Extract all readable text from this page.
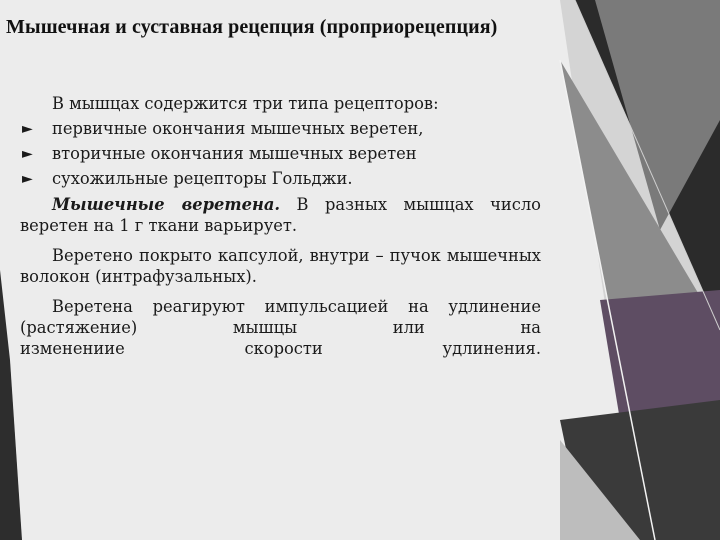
Мышечная и суставная рецепция (проприорецепция)

В мышцах содержится три типа рецепторов:

► первичные окончания мышечных веретен,
► вторичные окончания мышечных веретен
► сухожильные рецепторы Гольджи.

Мышечные веретена. В разных мышцах число веретен на 1 г ткани варьирует.

Веретено покрыто капсулой, внутри – пучок мышечных волокон (интрафузальных).

Веретена реагируют импульсацией на удлинение (растяжение) мышцы или на
изменениие скорости удлинения.
